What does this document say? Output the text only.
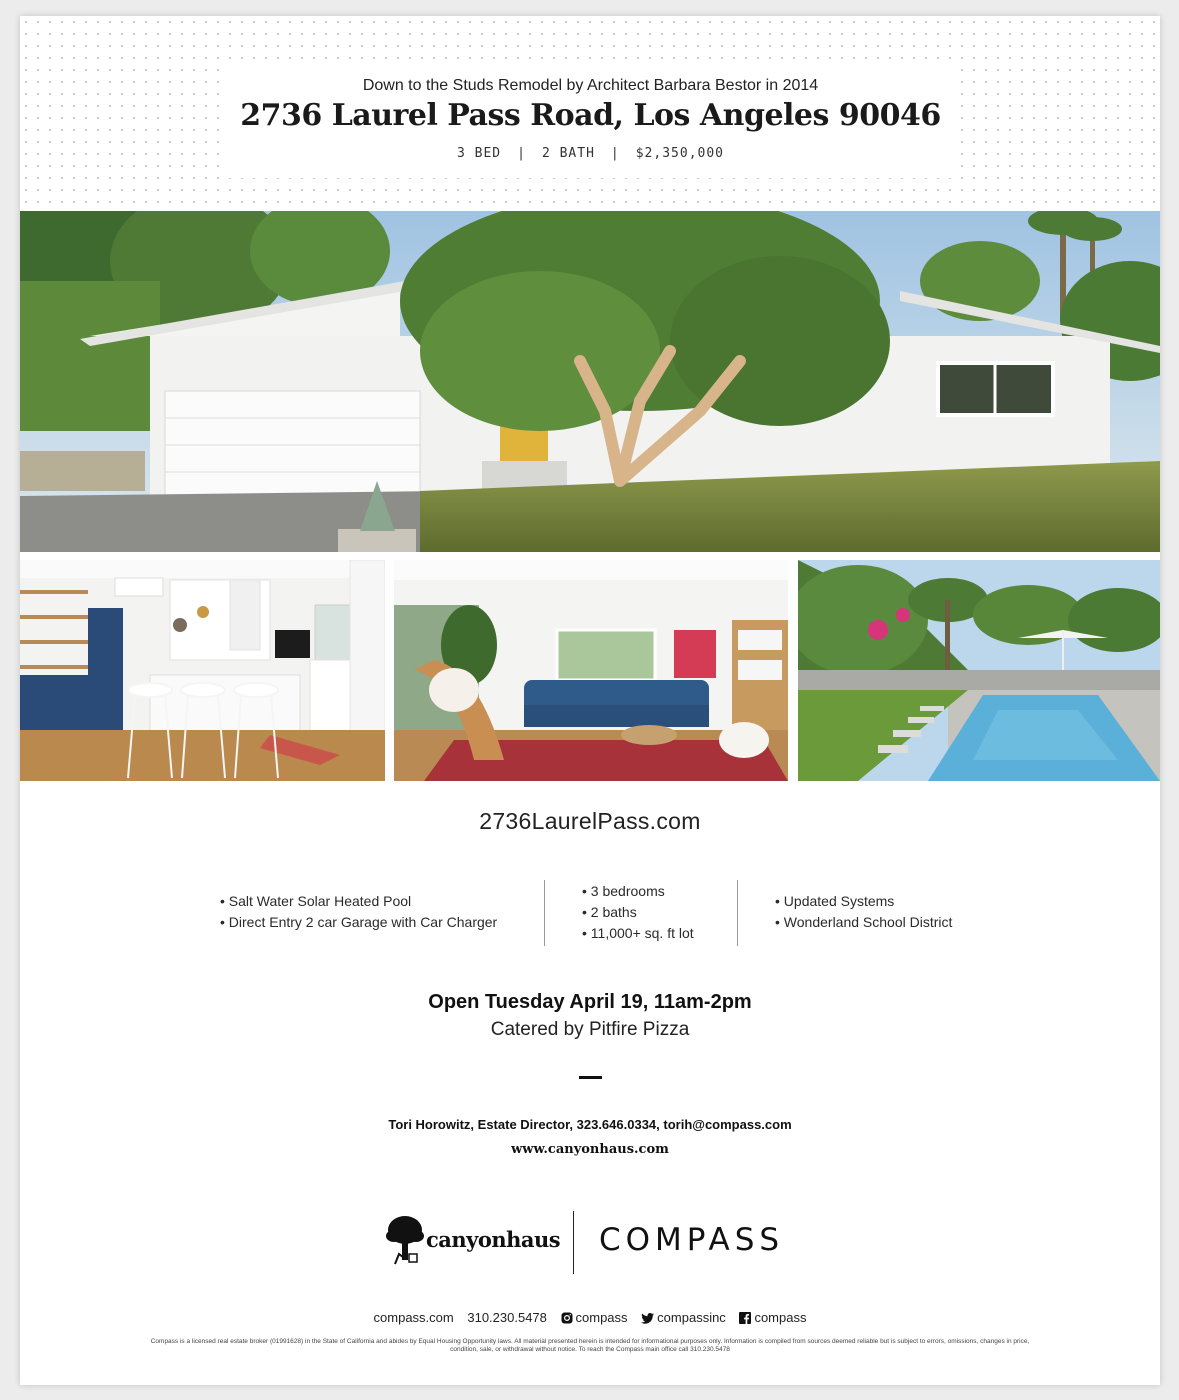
Down to the Studs Remodel by Architect Barbara Bestor in 2014
2736 Laurel Pass Road, Los Angeles 90046
3 BED | 2 BATH | $2,350,000
2736LaurelPass.com
• Salt Water Solar Heated Pool
• Direct Entry 2 car Garage with Car Charger
• 3 bedrooms
• 2 baths
• 11,000+ sq. ft lot
• Updated Systems
• Wonderland School District
Open Tuesday April 19, 11am-2pm
Catered by Pitfire Pizza
Tori Horowitz, Estate Director, 323.646.0334, torih@compass.com
www.canyonhaus.com
canyonhaus COMPASS
compass.com 310.230.5478 compass compassinc compass
Compass is a licensed real estate broker (01991628) in the State of California and abides by Equal Housing Opportunity laws. All material presented herein is intended for informational purposes only. Information is compiled from sources deemed reliable but is subject to errors, omissions, changes in price, condition, sale, or withdrawal without notice. To reach the Compass main office call 310.230.5478
